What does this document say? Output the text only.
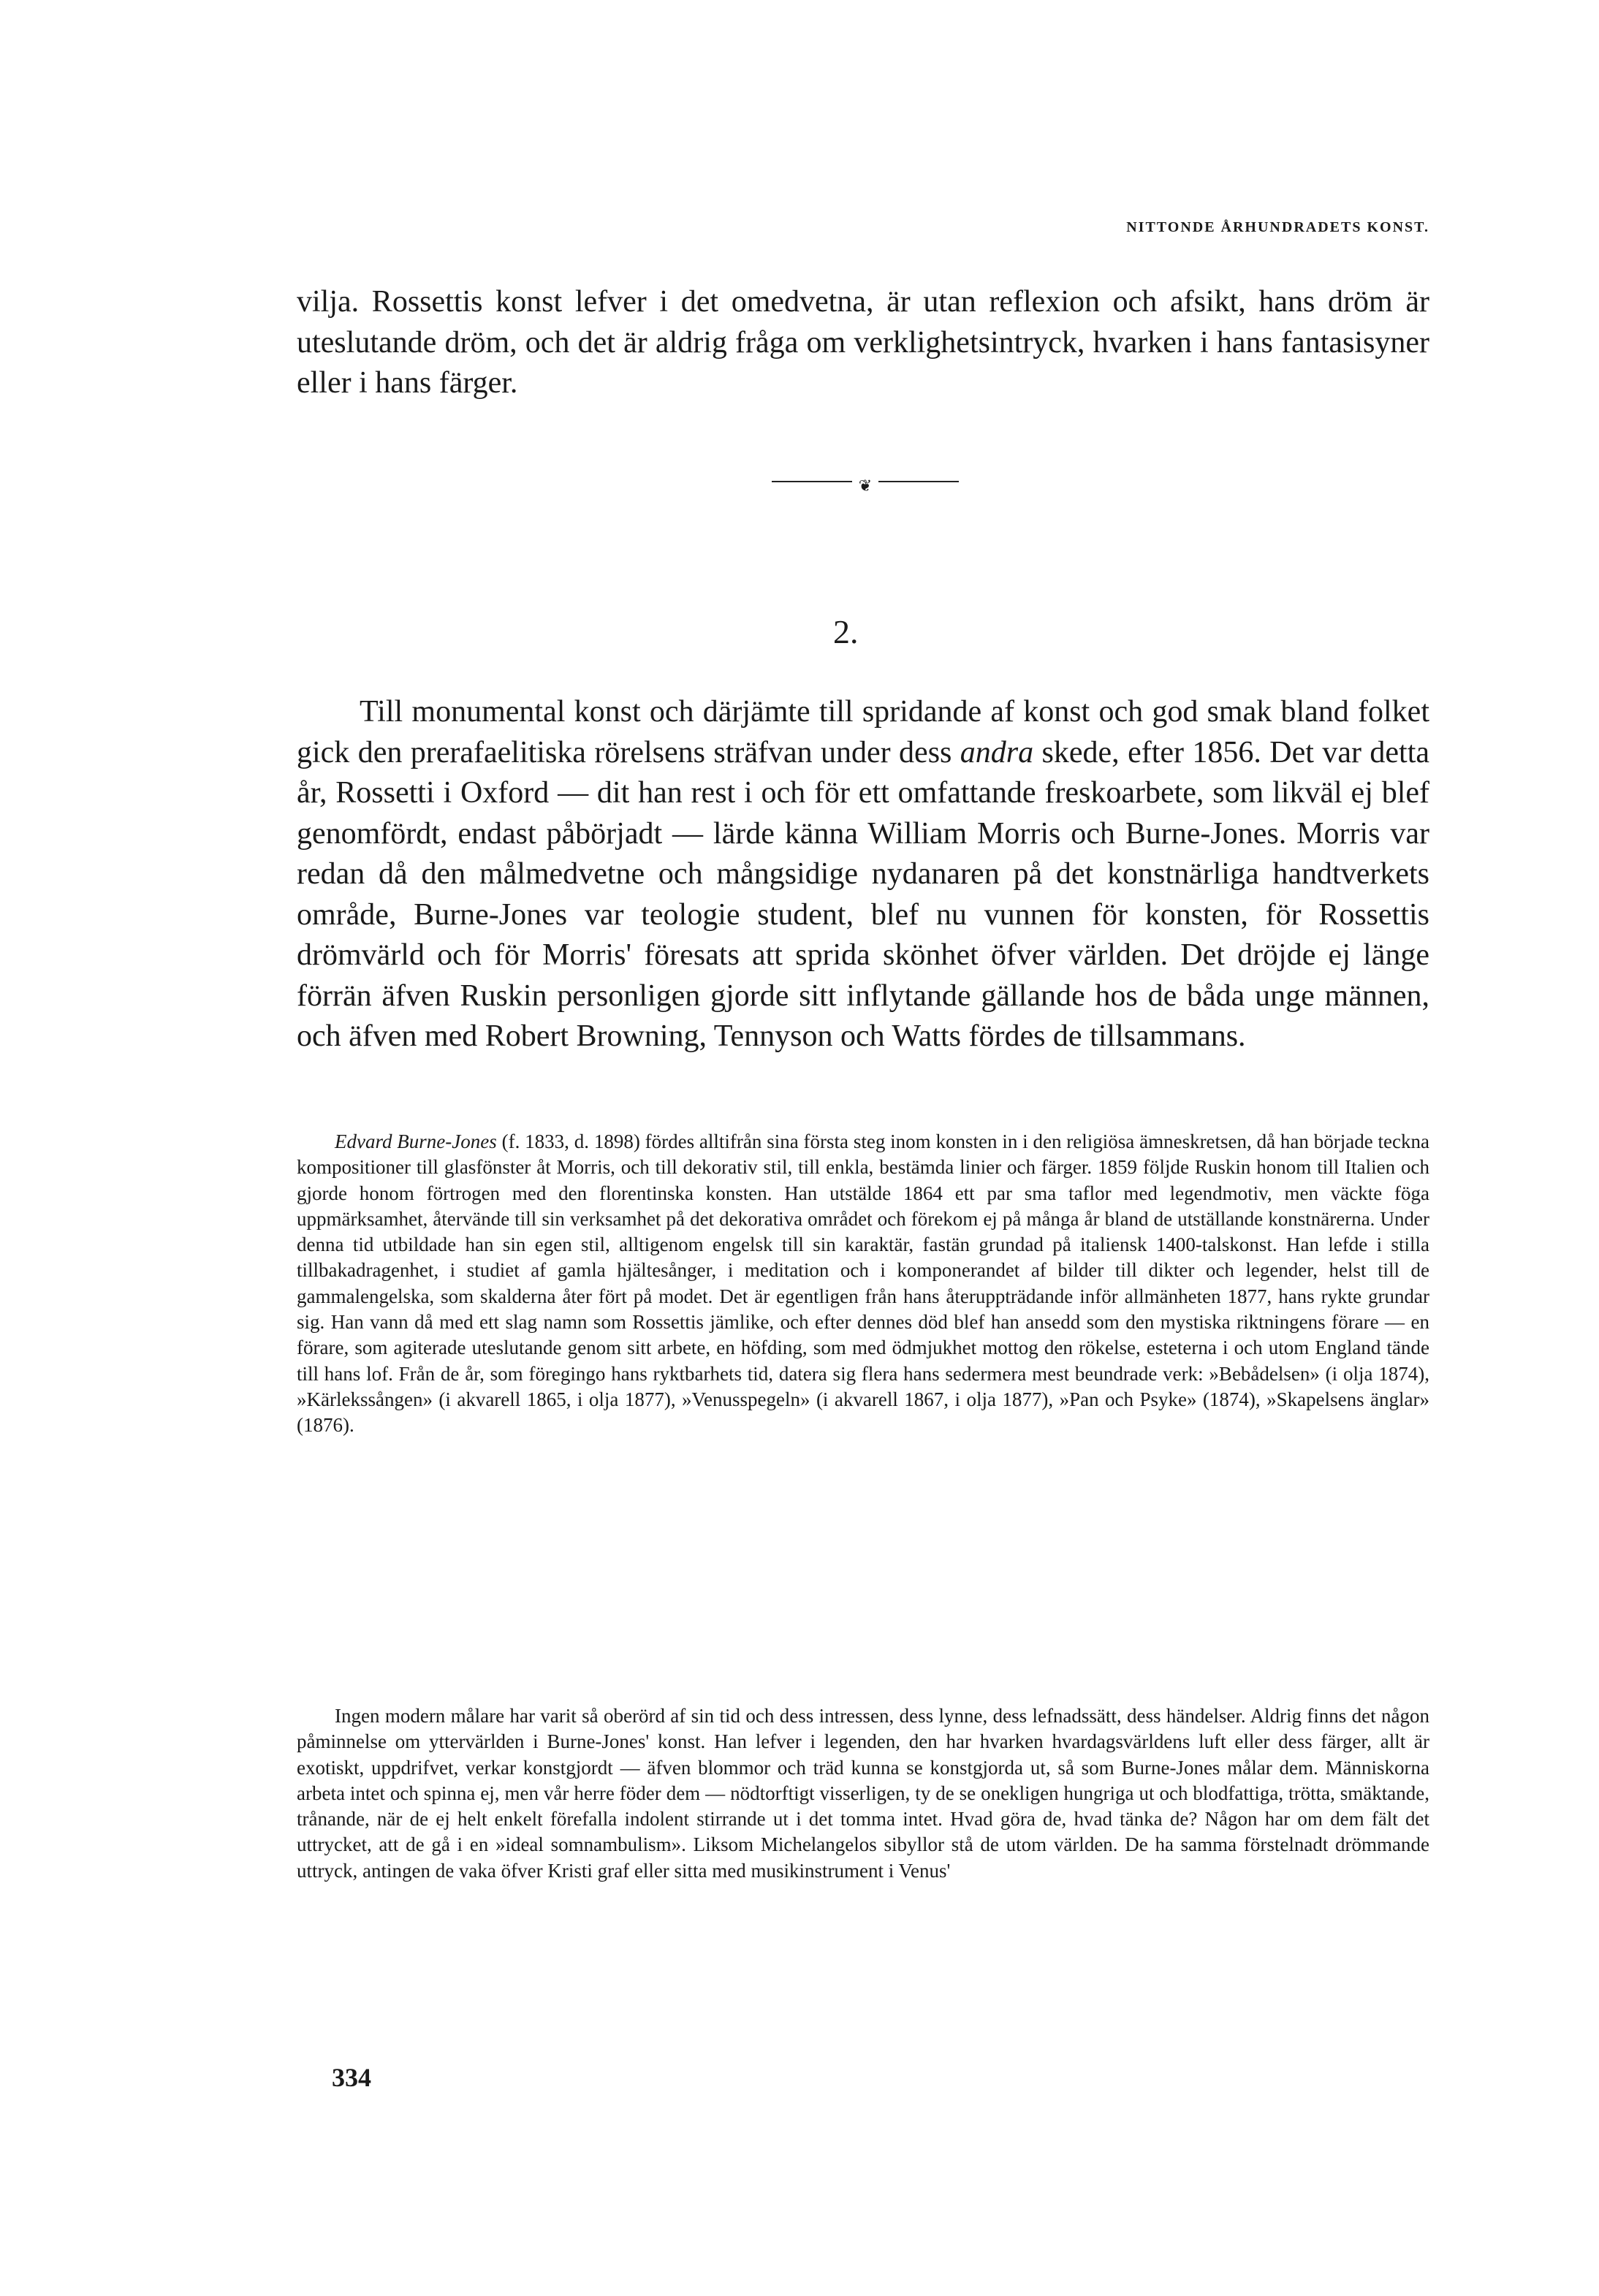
NITTONDE ÅRHUNDRADETS KONST.

vilja. Rossettis konst lefver i det omedvetna, är utan reflexion och afsikt, hans dröm är uteslutande dröm, och det är aldrig fråga om verklighetsintryck, hvarken i hans fantasisyner eller i hans färger.

❦
2.

Till monumental konst och därjämte till spridande af konst och god smak bland folket gick den prerafaelitiska rörelsens sträfvan under dess andra skede, efter 1856. Det var detta år, Rossetti i Oxford — dit han rest i och för ett omfattande freskoarbete, som likväl ej blef genomfördt, endast påbörjadt — lärde känna William Morris och Burne-Jones. Morris var redan då den målmedvetne och mångsidige nydanaren på det konstnärliga handtverkets område, Burne-Jones var teologie student, blef nu vunnen för konsten, för Rossettis drömvärld och för Morris' föresats att sprida skönhet öfver världen. Det dröjde ej länge förrän äfven Ruskin personligen gjorde sitt inflytande gällande hos de båda unge männen, och äfven med Robert Browning, Tennyson och Watts fördes de tillsammans.

Edvard Burne-Jones (f. 1833, d. 1898) fördes alltifrån sina första steg inom konsten in i den religiösa ämneskretsen, då han började teckna kompositioner till glasfönster åt Morris, och till dekorativ stil, till enkla, bestämda linier och färger. 1859 följde Ruskin honom till Italien och gjorde honom förtrogen med den florentinska konsten. Han utstälde 1864 ett par sma taflor med legendmotiv, men väckte föga uppmärksamhet, återvände till sin verksamhet på det dekorativa området och förekom ej på många år bland de utställande konstnärerna. Under denna tid utbildade han sin egen stil, alltigenom engelsk till sin karaktär, fastän grundad på italiensk 1400-talskonst. Han lefde i stilla tillbakadragenhet, i studiet af gamla hjältesånger, i meditation och i komponerandet af bilder till dikter och legender, helst till de gammalengelska, som skalderna åter fört på modet. Det är egentligen från hans återuppträdande inför allmänheten 1877, hans rykte grundar sig. Han vann då med ett slag namn som Rossettis jämlike, och efter dennes död blef han ansedd som den mystiska riktningens förare — en förare, som agiterade uteslutande genom sitt arbete, en höfding, som med ödmjukhet mottog den rökelse, esteterna i och utom England tände till hans lof. Från de år, som föregingo hans ryktbarhets tid, datera sig flera hans sedermera mest beundrade verk: »Bebådelsen» (i olja 1874), »Kärlekssången» (i akvarell 1865, i olja 1877), »Venusspegeln» (i akvarell 1867, i olja 1877), »Pan och Psyke» (1874), »Skapelsens änglar» (1876).

Ingen modern målare har varit så oberörd af sin tid och dess intressen, dess lynne, dess lefnadssätt, dess händelser. Aldrig finns det någon påminnelse om yttervärlden i Burne-Jones' konst. Han lefver i legenden, den har hvarken hvardagsvärldens luft eller dess färger, allt är exotiskt, uppdrifvet, verkar konstgjordt — äfven blommor och träd kunna se konstgjorda ut, så som Burne-Jones målar dem. Människorna arbeta intet och spinna ej, men vår herre föder dem — nödtorftigt visserligen, ty de se onekligen hungriga ut och blodfattiga, trötta, smäktande, trånande, när de ej helt enkelt förefalla indolent stirrande ut i det tomma intet. Hvad göra de, hvad tänka de? Någon har om dem fält det uttrycket, att de gå i en »ideal somnambulism». Liksom Michelangelos sibyllor stå de utom världen. De ha samma förstelnadt drömmande uttryck, antingen de vaka öfver Kristi graf eller sitta med musikinstrument i Venus'

334
